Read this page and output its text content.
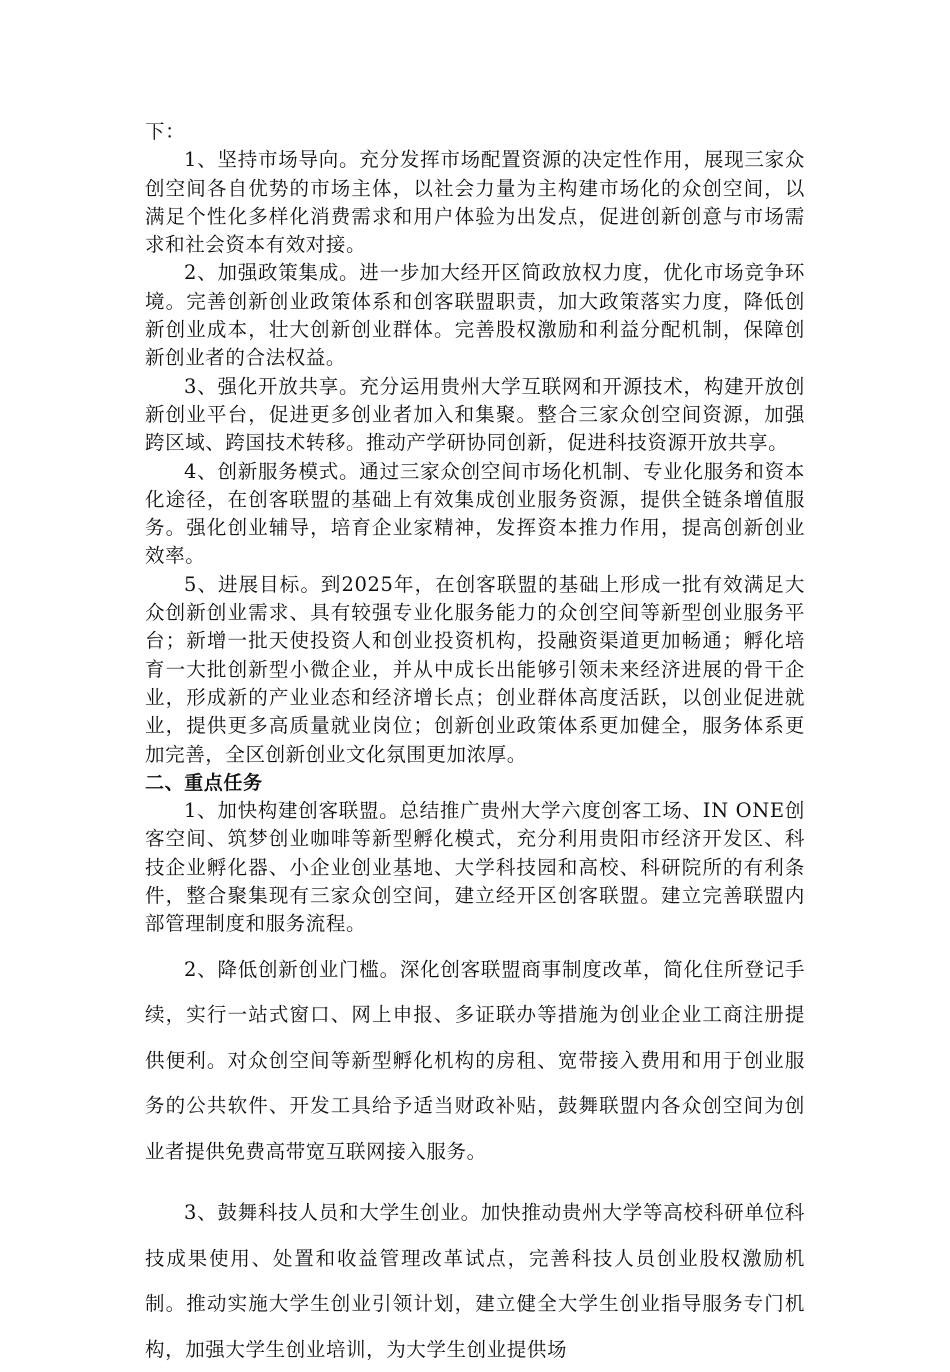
下：

1、坚持市场导向。充分发挥市场配置资源的决定性作用，展现三家众创空间各自优势的市场主体，以社会力量为主构建市场化的众创空间，以满足个性化多样化消费需求和用户体验为出发点，促进创新创意与市场需求和社会资本有效对接。

2、加强政策集成。进一步加大经开区简政放权力度，优化市场竞争环境。完善创新创业政策体系和创客联盟职责，加大政策落实力度，降低创新创业成本，壮大创新创业群体。完善股权激励和利益分配机制，保障创新创业者的合法权益。

3、强化开放共享。充分运用贵州大学互联网和开源技术，构建开放创新创业平台，促进更多创业者加入和集聚。整合三家众创空间资源，加强跨区域、跨国技术转移。推动产学研协同创新，促进科技资源开放共享。

4、创新服务模式。通过三家众创空间市场化机制、专业化服务和资本化途径，在创客联盟的基础上有效集成创业服务资源，提供全链条增值服务。强化创业辅导，培育企业家精神，发挥资本推力作用，提高创新创业效率。

5、进展目标。到2025年，在创客联盟的基础上形成一批有效满足大众创新创业需求、具有较强专业化服务能力的众创空间等新型创业服务平台；新增一批天使投资人和创业投资机构，投融资渠道更加畅通；孵化培育一大批创新型小微企业，并从中成长出能够引领未来经济进展的骨干企业，形成新的产业业态和经济增长点；创业群体高度活跃，以创业促进就业，提供更多高质量就业岗位；创新创业政策体系更加健全，服务体系更加完善，全区创新创业文化氛围更加浓厚。

二、重点任务

1、加快构建创客联盟。总结推广贵州大学六度创客工场、IN ONE创客空间、筑梦创业咖啡等新型孵化模式，充分利用贵阳市经济开发区、科技企业孵化器、小企业创业基地、大学科技园和高校、科研院所的有利条件，整合聚集现有三家众创空间，建立经开区创客联盟。建立完善联盟内部管理制度和服务流程。

2、降低创新创业门槛。深化创客联盟商事制度改革，简化住所登记手续，实行一站式窗口、网上申报、多证联办等措施为创业企业工商注册提供便利。对众创空间等新型孵化机构的房租、宽带接入费用和用于创业服务的公共软件、开发工具给予适当财政补贴，鼓舞联盟内各众创空间为创业者提供免费高带宽互联网接入服务。

3、鼓舞科技人员和大学生创业。加快推动贵州大学等高校科研单位科技成果使用、处置和收益管理改革试点，完善科技人员创业股权激励机制。推动实施大学生创业引领计划，建立健全大学生创业指导服务专门机构，加强大学生创业培训，为大学生创业提供场
